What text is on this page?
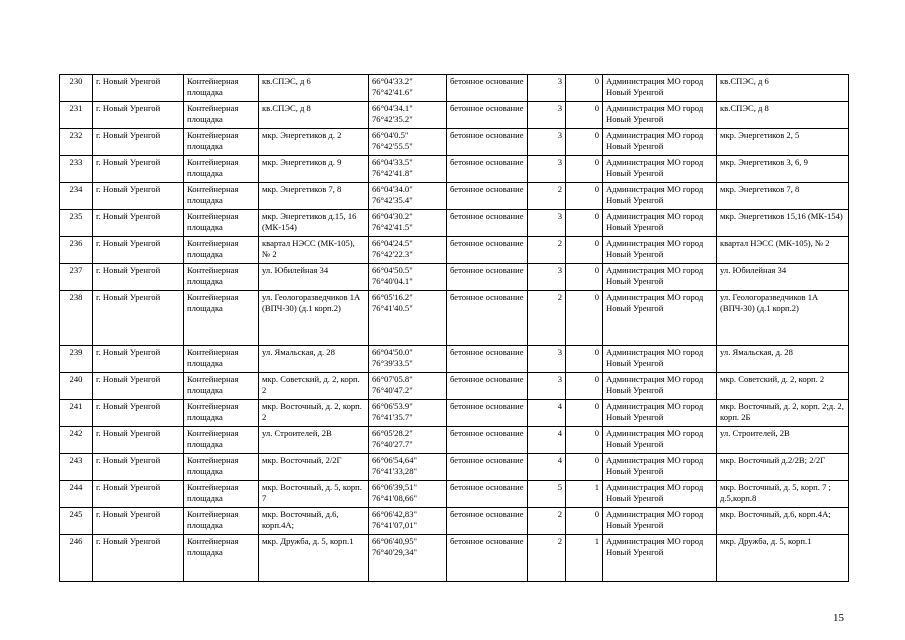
230	г. Новый Уренгой	Контейнерная площадка	кв.СПЭС, д 6	66°04'33.2" 76°42'41.6"	бетонное основание	3	0	Администрация МО город Новый Уренгой	кв.СПЭС, д 6
231	г. Новый Уренгой	Контейнерная площадка	кв.СПЭС, д 8	66°04'34.1" 76°42'35.2"	бетонное основание	3	0	Администрация МО город Новый Уренгой	кв.СПЭС, д 8
232	г. Новый Уренгой	Контейнерная площадка	мкр. Энергетиков д. 2	66°04'0.5" 76°42'55.5"	бетонное основание	3	0	Администрация МО город Новый Уренгой	мкр. Энергетиков 2, 5
233	г. Новый Уренгой	Контейнерная площадка	мкр. Энергетиков д. 9	66°04'33.5" 76°42'41.8"	бетонное основание	3	0	Администрация МО город Новый Уренгой	мкр. Энергетиков 3, 6, 9
234	г. Новый Уренгой	Контейнерная площадка	мкр. Энергетиков 7, 8	66°04'34.0" 76°42'35.4"	бетонное основание	2	0	Администрация МО город Новый Уренгой	мкр. Энергетиков 7, 8
235	г. Новый Уренгой	Контейнерная площадка	мкр. Энергетиков д.15, 16 (МК-154)	66°04'30.2" 76°42'41.5"	бетонное основание	3	0	Администрация МО город Новый Уренгой	мкр. Энергетиков 15,16 (МК-154)
236	г. Новый Уренгой	Контейнерная площадка	квартал НЭСС (МК-105), № 2	66°04'24.5" 76°42'22.3"	бетонное основание	2	0	Администрация МО город Новый Уренгой	квартал НЭСС (МК-105), № 2
237	г. Новый Уренгой	Контейнерная площадка	ул. Юбилейная 34	66°04'50.5" 76°40'04.1"	бетонное основание	3	0	Администрация МО город Новый Уренгой	ул. Юбилейная 34
238	г. Новый Уренгой	Контейнерная площадка	ул. Геологоразведчиков 1А (ВПЧ-30) (д.1 корп.2)	66°05'16.2" 76°41'40.5"	бетонное основание	2	0	Администрация МО город Новый Уренгой	ул. Геологоразведчиков 1А (ВПЧ-30) (д.1 корп.2)
239	г. Новый Уренгой	Контейнерная площадка	ул. Ямальская, д. 28	66°04'50.0" 76°39'33.5"	бетонное основание	3	0	Администрация МО город Новый Уренгой	ул. Ямальская, д. 28
240	г. Новый Уренгой	Контейнерная площадка	мкр. Советский, д. 2, корп. 2	66°07'05.8" 76°40'47.2"	бетонное основание	3	0	Администрация МО город Новый Уренгой	мкр. Советский, д. 2, корп. 2
241	г. Новый Уренгой	Контейнерная площадка	мкр. Восточный, д. 2, корп. 2	66°06'53.9" 76°41'35.7"	бетонное основание	4	0	Администрация МО город Новый Уренгой	мкр. Восточный, д. 2, корп. 2;д. 2, корп. 2Б
242	г. Новый Уренгой	Контейнерная площадка	ул. Строителей, 2В	66°05'28.2" 76°40'27.7"	бетонное основание	4	0	Администрация МО город Новый Уренгой	ул. Строителей, 2В
243	г. Новый Уренгой	Контейнерная площадка	мкр. Восточный, 2/2Г	66°06'54,64" 76°41'33,28"	бетонное основание	4	0	Администрация МО город Новый Уренгой	мкр. Восточный д.2/2В; 2/2Г
244	г. Новый Уренгой	Контейнерная площадка	мкр. Восточный, д. 5, корп. 7	66°06'39,51" 76°41'08,66"	бетонное основание	5	1	Администрация МО город Новый Уренгой	мкр. Восточный, д. 5, корп. 7 ; д.5,корп.8
245	г. Новый Уренгой	Контейнерная площадка	мкр. Восточный, д.6, корп.4А;	66°06'42,83" 76°41'07,01"	бетонное основание	2	0	Администрация МО город Новый Уренгой	мкр. Восточный, д.6, корп.4А;
246	г. Новый Уренгой	Контейнерная площадка	мкр. Дружба, д. 5, корп.1	66°06'40,95" 76°40'29,34"	бетонное основание	2	1	Администрация МО город Новый Уренгой	мкр. Дружба, д. 5, корп.1
15
